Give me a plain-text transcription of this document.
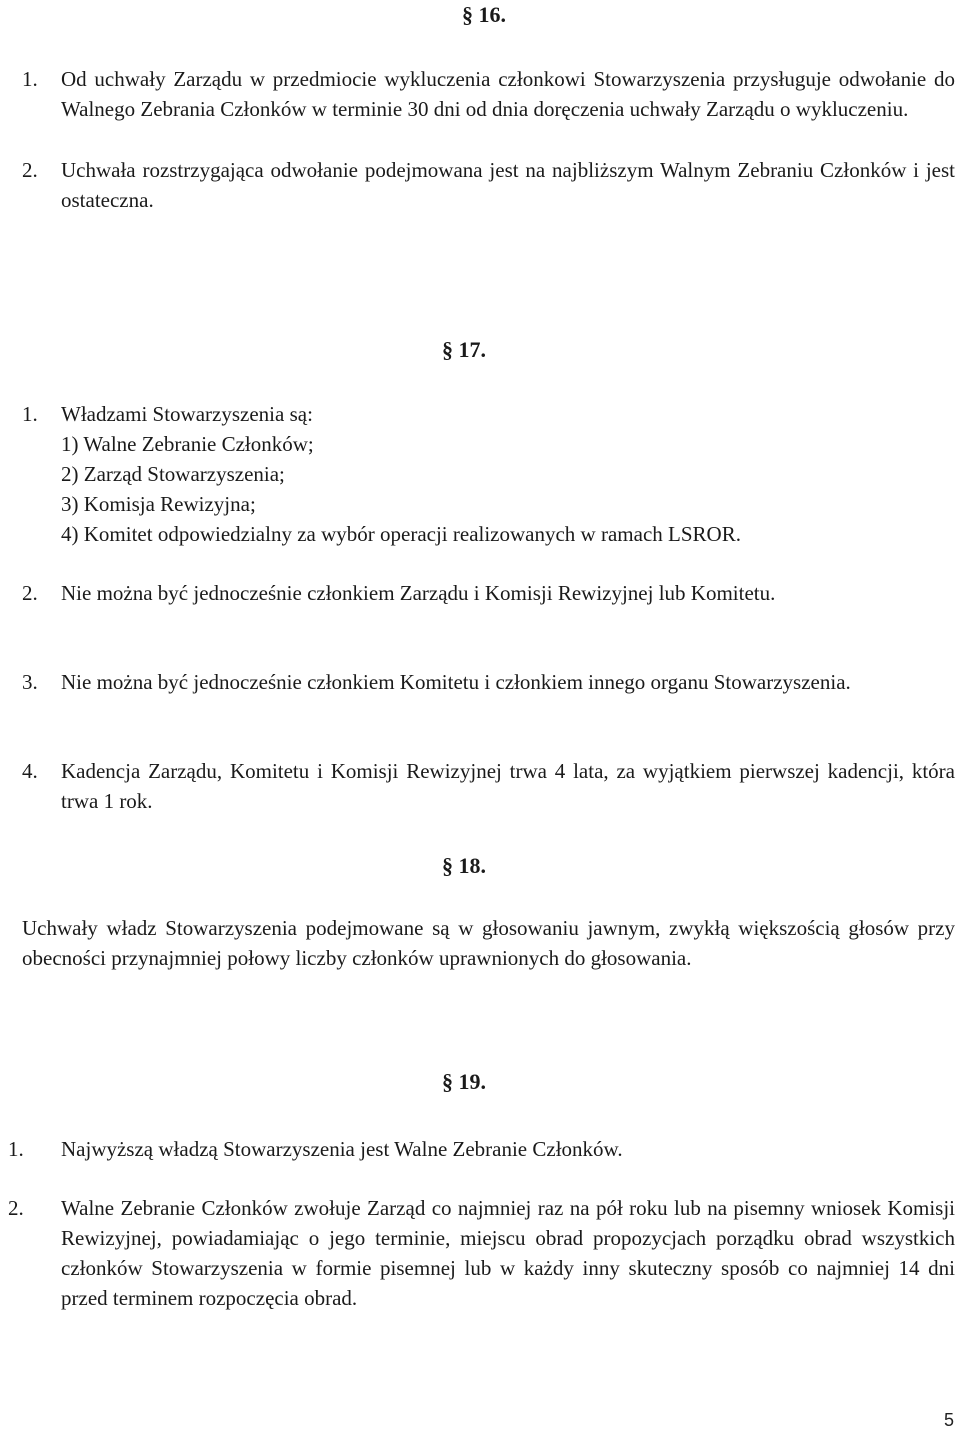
§ 16.
1. Od uchwały Zarządu w przedmiocie wykluczenia członkowi Stowarzyszenia przysługuje odwołanie do Walnego Zebrania Członków w terminie 30 dni od dnia doręczenia uchwały Zarządu o wykluczeniu.
2. Uchwała rozstrzygająca odwołanie podejmowana jest na najbliższym Walnym Zebraniu Członków i jest ostateczna.
§ 17.
1. Władzami Stowarzyszenia są:
1) Walne Zebranie Członków;
2) Zarząd Stowarzyszenia;
3) Komisja Rewizyjna;
4) Komitet odpowiedzialny za wybór operacji realizowanych w ramach LSROR.
2. Nie można być jednocześnie członkiem Zarządu i Komisji Rewizyjnej lub Komitetu.
3. Nie można być jednocześnie członkiem Komitetu i członkiem innego organu Stowarzyszenia.
4. Kadencja Zarządu, Komitetu i Komisji Rewizyjnej trwa 4 lata, za wyjątkiem pierwszej kadencji, która trwa 1 rok.
§ 18.
Uchwały władz Stowarzyszenia podejmowane są w głosowaniu jawnym, zwykłą większością głosów przy obecności przynajmniej połowy liczby członków uprawnionych do głosowania.
§ 19.
1. Najwyższą władzą Stowarzyszenia jest Walne Zebranie Członków.
2. Walne Zebranie Członków zwołuje Zarząd co najmniej raz na pół roku lub na pisemny wniosek Komisji Rewizyjnej, powiadamiając o jego terminie, miejscu obrad propozycjach porządku obrad wszystkich członków Stowarzyszenia w formie pisemnej lub w każdy inny skuteczny sposób co najmniej 14 dni przed terminem rozpoczęcia obrad.
5
